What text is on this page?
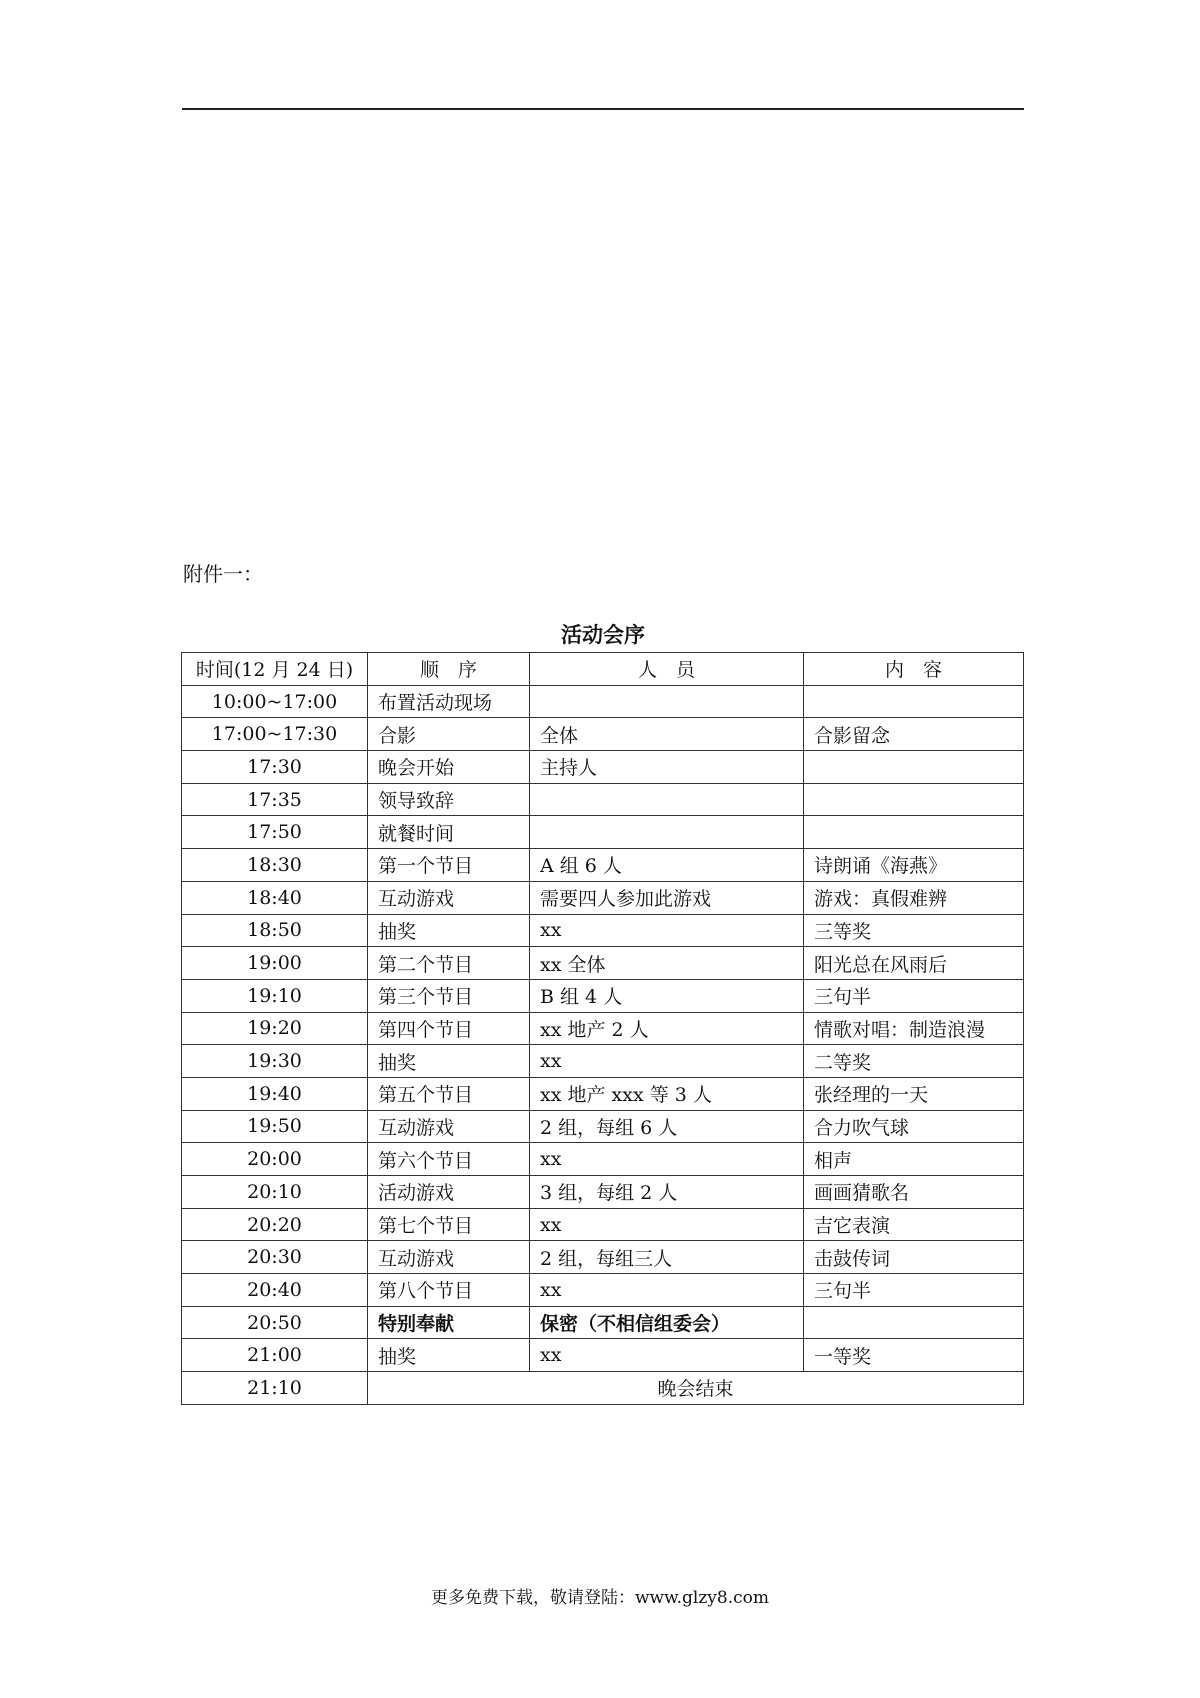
附件一：
活动会序
时间(12 月 24 日)	顺　序	人　员	内　容
10:00~17:00	布置活动现场		
17:00~17:30	合影	全体	合影留念
17:30	晚会开始	主持人	
17:35	领导致辞		
17:50	就餐时间		
18:30	第一个节目	A 组 6 人	诗朗诵《海燕》
18:40	互动游戏	需要四人参加此游戏	游戏：真假难辨
18:50	抽奖	xx	三等奖
19:00	第二个节目	xx 全体	阳光总在风雨后
19:10	第三个节目	B 组 4 人	三句半
19:20	第四个节目	xx 地产 2 人	情歌对唱：制造浪漫
19:30	抽奖	xx	二等奖
19:40	第五个节目	xx 地产 xxx 等 3 人	张经理的一天
19:50	互动游戏	2 组，每组 6 人	合力吹气球
20:00	第六个节目	xx	相声
20:10	活动游戏	3 组，每组 2 人	画画猜歌名
20:20	第七个节目	xx	吉它表演
20:30	互动游戏	2 组，每组三人	击鼓传词
20:40	第八个节目	xx	三句半
20:50	特别奉献	保密（不相信组委会）	
21:00	抽奖	xx	一等奖
21:10	晚会结束		
更多免费下载，敬请登陆：www.glzy8.com
